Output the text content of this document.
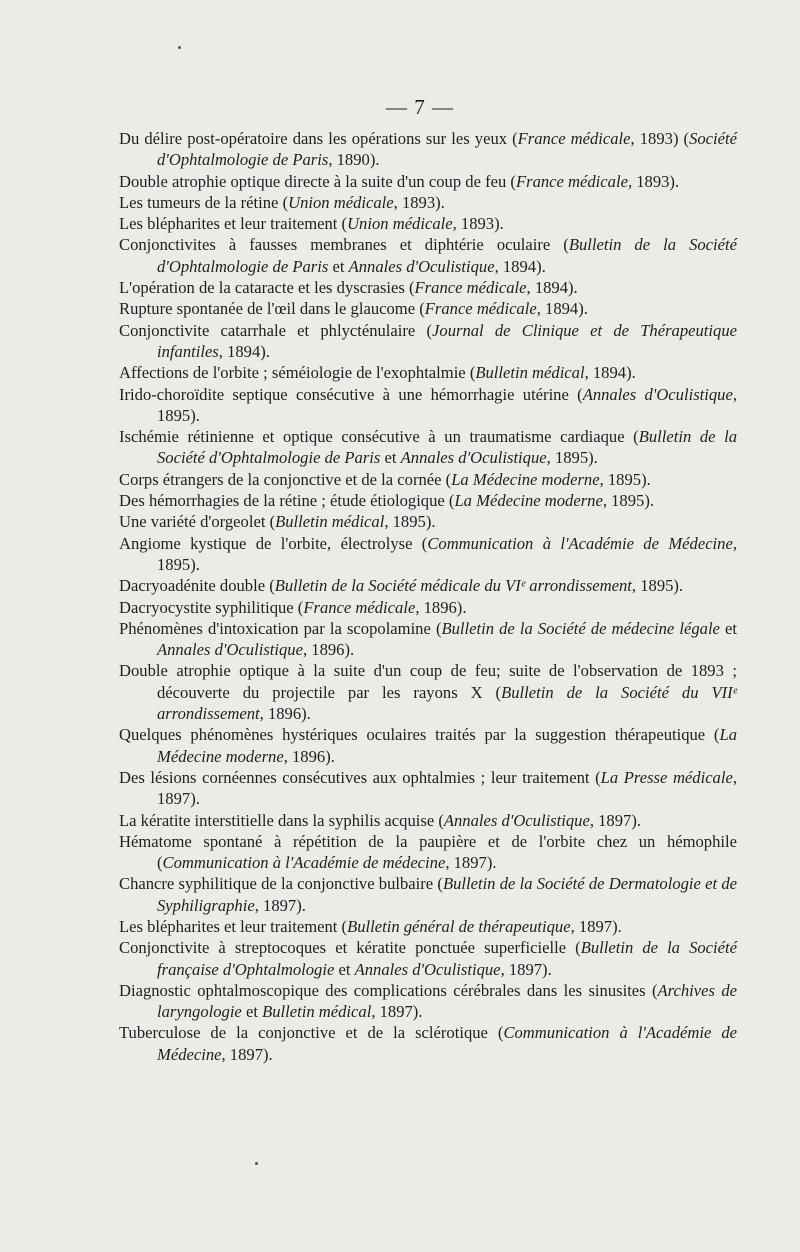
— 7 —
Du délire post-opératoire dans les opérations sur les yeux (France médicale, 1893) (Société d'Ophtalmologie de Paris, 1890).
Double atrophie optique directe à la suite d'un coup de feu (France médicale, 1893).
Les tumeurs de la rétine (Union médicale, 1893).
Les blépharites et leur traitement (Union médicale, 1893).
Conjonctivites à fausses membranes et diphtérie oculaire (Bulletin de la Société d'Ophtalmologie de Paris et Annales d'Oculistique, 1894).
L'opération de la cataracte et les dyscrasies (France médicale, 1894).
Rupture spontanée de l'œil dans le glaucome (France médicale, 1894).
Conjonctivite catarrhale et phlycténulaire (Journal de Clinique et de Thérapeutique infantiles, 1894).
Affections de l'orbite ; séméiologie de l'exophtalmie (Bulletin médical, 1894).
Irido-choroïdite septique consécutive à une hémorrhagie utérine (Annales d'Oculistique, 1895).
Ischémie rétinienne et optique consécutive à un traumatisme cardiaque (Bulletin de la Société d'Ophtalmologie de Paris et Annales d'Oculistique, 1895).
Corps étrangers de la conjonctive et de la cornée (La Médecine moderne, 1895).
Des hémorrhagies de la rétine ; étude étiologique (La Médecine moderne, 1895).
Une variété d'orgeolet (Bulletin médical, 1895).
Angiome kystique de l'orbite, électrolyse (Communication à l'Académie de Médecine, 1895).
Dacryoadénite double (Bulletin de la Société médicale du VIᵉ arrondissement, 1895).
Dacryocystite syphilitique (France médicale, 1896).
Phénomènes d'intoxication par la scopolamine (Bulletin de la Société de médecine légale et Annales d'Oculistique, 1896).
Double atrophie optique à la suite d'un coup de feu; suite de l'observation de 1893 ; découverte du projectile par les rayons X (Bulletin de la Société du VIIᵉ arrondissement, 1896).
Quelques phénomènes hystériques oculaires traités par la suggestion thérapeutique (La Médecine moderne, 1896).
Des lésions cornéennes consécutives aux ophtalmies ; leur traitement (La Presse médicale, 1897).
La kératite interstitielle dans la syphilis acquise (Annales d'Oculistique, 1897).
Hématome spontané à répétition de la paupière et de l'orbite chez un hémophile (Communication à l'Académie de médecine, 1897).
Chancre syphilitique de la conjonctive bulbaire (Bulletin de la Société de Dermatologie et de Syphiligraphie, 1897).
Les blépharites et leur traitement (Bulletin général de thérapeutique, 1897).
Conjonctivite à streptocoques et kératite ponctuée superficielle (Bulletin de la Société française d'Ophtalmologie et Annales d'Oculistique, 1897).
Diagnostic ophtalmoscopique des complications cérébrales dans les sinusites (Archives de laryngologie et Bulletin médical, 1897).
Tuberculose de la conjonctive et de la sclérotique (Communication à l'Académie de Médecine, 1897).
